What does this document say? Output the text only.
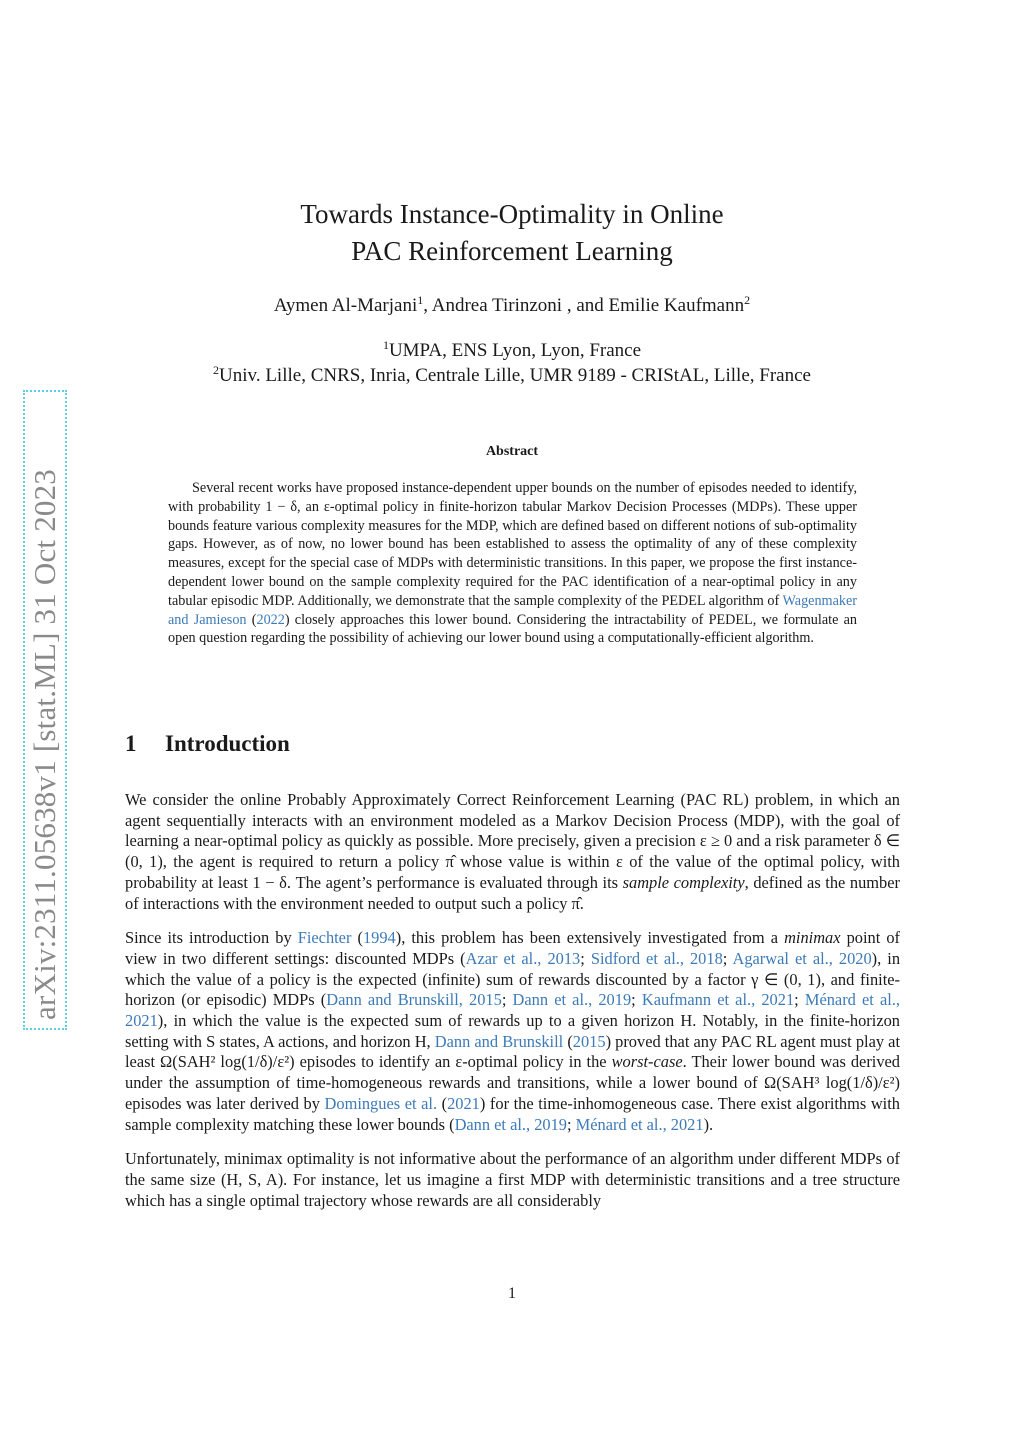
arXiv:2311.05638v1 [stat.ML] 31 Oct 2023
Towards Instance-Optimality in Online
PAC Reinforcement Learning
Aymen Al-Marjani$^1$, Andrea Tirinzoni , and Emilie Kaufmann$^2$
$^1$UMPA, ENS Lyon, Lyon, France
$^2$Univ. Lille, CNRS, Inria, Centrale Lille, UMR 9189 - CRIStAL, Lille, France
Abstract
Several recent works have proposed instance-dependent upper bounds on the number of episodes needed to identify, with probability 1 − δ, an ε-optimal policy in finite-horizon tabular Markov Decision Processes (MDPs). These upper bounds feature various complexity measures for the MDP, which are defined based on different notions of sub-optimality gaps. However, as of now, no lower bound has been established to assess the optimality of any of these complexity measures, except for the special case of MDPs with deterministic transitions. In this paper, we propose the first instance-dependent lower bound on the sample complexity required for the PAC identification of a near-optimal policy in any tabular episodic MDP. Additionally, we demonstrate that the sample complexity of the PEDEL algorithm of Wagenmaker and Jamieson (2022) closely approaches this lower bound. Considering the intractability of PEDEL, we formulate an open question regarding the possibility of achieving our lower bound using a computationally-efficient algorithm.
1 Introduction

We consider the online Probably Approximately Correct Reinforcement Learning (PAC RL) problem, in which an agent sequentially interacts with an environment modeled as a Markov Decision Process (MDP), with the goal of learning a near-optimal policy as quickly as possible. More precisely, given a precision ε ≥ 0 and a risk parameter δ ∈ (0, 1), the agent is required to return a policy π̂ whose value is within ε of the value of the optimal policy, with probability at least 1 − δ. The agent’s performance is evaluated through its sample complexity, defined as the number of interactions with the environment needed to output such a policy π̂.

Since its introduction by Fiechter (1994), this problem has been extensively investigated from a minimax point of view in two different settings: discounted MDPs (Azar et al., 2013; Sidford et al., 2018; Agarwal et al., 2020), in which the value of a policy is the expected (infinite) sum of rewards discounted by a factor γ ∈ (0, 1), and finite-horizon (or episodic) MDPs (Dann and Brunskill, 2015; Dann et al., 2019; Kaufmann et al., 2021; Ménard et al., 2021), in which the value is the expected sum of rewards up to a given horizon H. Notably, in the finite-horizon setting with S states, A actions, and horizon H, Dann and Brunskill (2015) proved that any PAC RL agent must play at least Ω(SAH² log(1/δ)/ε²) episodes to identify an ε-optimal policy in the worst-case. Their lower bound was derived under the assumption of time-homogeneous rewards and transitions, while a lower bound of Ω(SAH³ log(1/δ)/ε²) episodes was later derived by Domingues et al. (2021) for the time-inhomogeneous case. There exist algorithms with sample complexity matching these lower bounds (Dann et al., 2019; Ménard et al., 2021).

Unfortunately, minimax optimality is not informative about the performance of an algorithm under different MDPs of the same size (H, S, A). For instance, let us imagine a first MDP with deterministic transitions and a tree structure which has a single optimal trajectory whose rewards are all considerably

1
